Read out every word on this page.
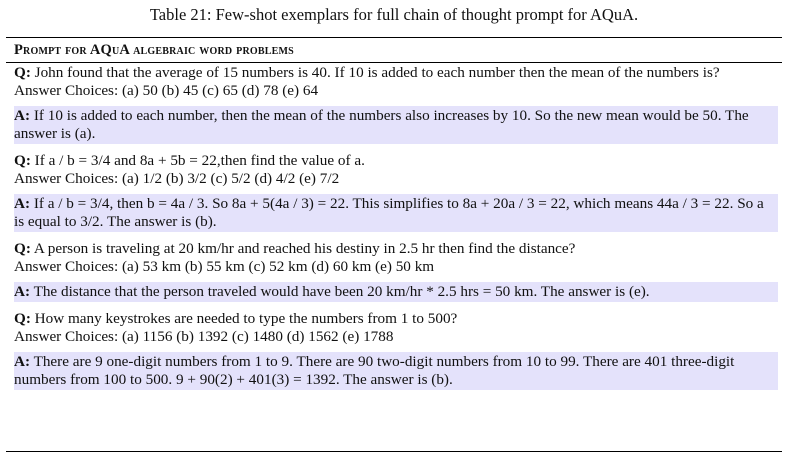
Table 21: Few-shot exemplars for full chain of thought prompt for AQuA.
Prompt for AQuA algebraic word problems

Q: John found that the average of 15 numbers is 40. If 10 is added to each number then the mean of the numbers is?

Answer Choices: (a) 50 (b) 45 (c) 65 (d) 78 (e) 64

A: If 10 is added to each number, then the mean of the numbers also increases by 10. So the new mean would be 50. The answer is (a).

Q: If a / b = 3/4 and 8a + 5b = 22,then find the value of a.

Answer Choices: (a) 1/2 (b) 3/2 (c) 5/2 (d) 4/2 (e) 7/2

A: If a / b = 3/4, then b = 4a / 3. So 8a + 5(4a / 3) = 22. This simplifies to 8a + 20a / 3 = 22, which means 44a / 3 = 22. So a is equal to 3/2. The answer is (b).

Q: A person is traveling at 20 km/hr and reached his destiny in 2.5 hr then find the distance?

Answer Choices: (a) 53 km (b) 55 km (c) 52 km (d) 60 km (e) 50 km

A: The distance that the person traveled would have been 20 km/hr * 2.5 hrs = 50 km. The answer is (e).

Q: How many keystrokes are needed to type the numbers from 1 to 500?

Answer Choices: (a) 1156 (b) 1392 (c) 1480 (d) 1562 (e) 1788

A: There are 9 one-digit numbers from 1 to 9. There are 90 two-digit numbers from 10 to 99. There are 401 three-digit numbers from 100 to 500. 9 + 90(2) + 401(3) = 1392. The answer is (b).
